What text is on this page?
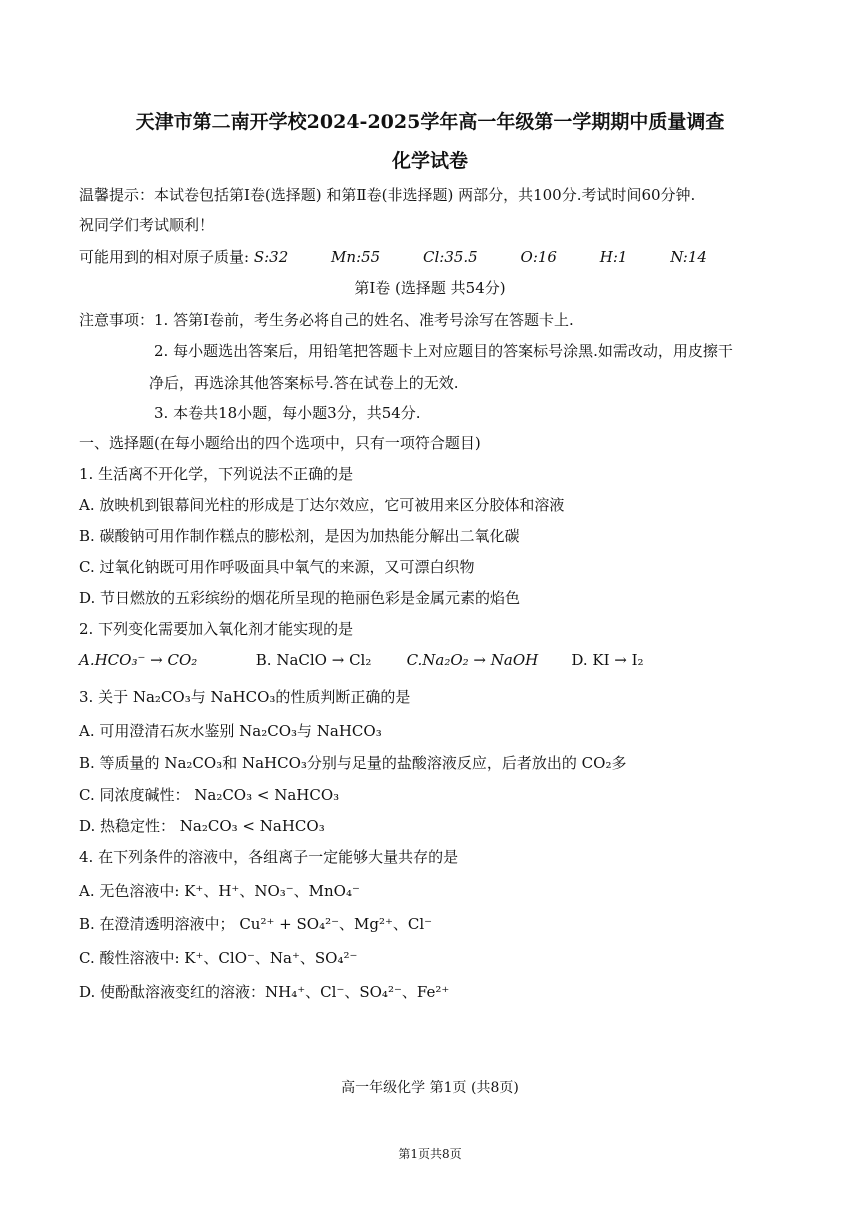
天津市第二南开学校2024-2025学年高一年级第一学期期中质量调查
化学试卷
温馨提示：本试卷包括第Ⅰ卷(选择题) 和第Ⅱ卷(非选择题) 两部分，共100分.考试时间60分钟.
祝同学们考试顺利！
可能用到的相对原子质量: S:32	Mn:55	Cl:35.5	O:16	H:1	N:14
第Ⅰ卷 (选择题 共54分)
注意事项：1. 答第Ⅰ卷前，考生务必将自己的姓名、准考号涂写在答题卡上.
2. 每小题选出答案后，用铅笔把答题卡上对应题目的答案标号涂黑.如需改动，用皮擦干
净后，再选涂其他答案标号.答在试卷上的无效.
3. 本卷共18小题，每小题3分，共54分.
一、选择题(在每小题给出的四个选项中，只有一项符合题目)
1. 生活离不开化学，下列说法不正确的是
A. 放映机到银幕间光柱的形成是丁达尔效应，它可被用来区分胶体和溶液
B. 碳酸钠可用作制作糕点的膨松剂，是因为加热能分解出二氧化碳
C. 过氧化钠既可用作呼吸面具中氧气的来源，又可漂白织物
D. 节日燃放的五彩缤纷的烟花所呈现的艳丽色彩是金属元素的焰色
2. 下列变化需要加入氧化剂才能实现的是
A.HCO₃⁻ → CO₂	B. NaClO → Cl₂ C.Na₂O₂ → NaOH D. KI → I₂
3. 关于 Na₂CO₃与 NaHCO₃的性质判断正确的是
A. 可用澄清石灰水鉴别 Na₂CO₃与 NaHCO₃
B. 等质量的 Na₂CO₃和 NaHCO₃分别与足量的盐酸溶液反应，后者放出的 CO₂多
C. 同浓度碱性： Na₂CO₃ < NaHCO₃
D. 热稳定性： Na₂CO₃ < NaHCO₃
4. 在下列条件的溶液中，各组离子一定能够大量共存的是
A. 无色溶液中: K⁺、H⁺、NO₃⁻、MnO₄⁻
B. 在澄清透明溶液中； Cu²⁺ + SO₄²⁻、Mg²⁺、Cl⁻
C. 酸性溶液中: K⁺、ClO⁻、Na⁺、SO₄²⁻
D. 使酚酞溶液变红的溶液：NH₄⁺、Cl⁻、SO₄²⁻、Fe²⁺
高一年级化学 第1页 (共8页)
第1页共8页
